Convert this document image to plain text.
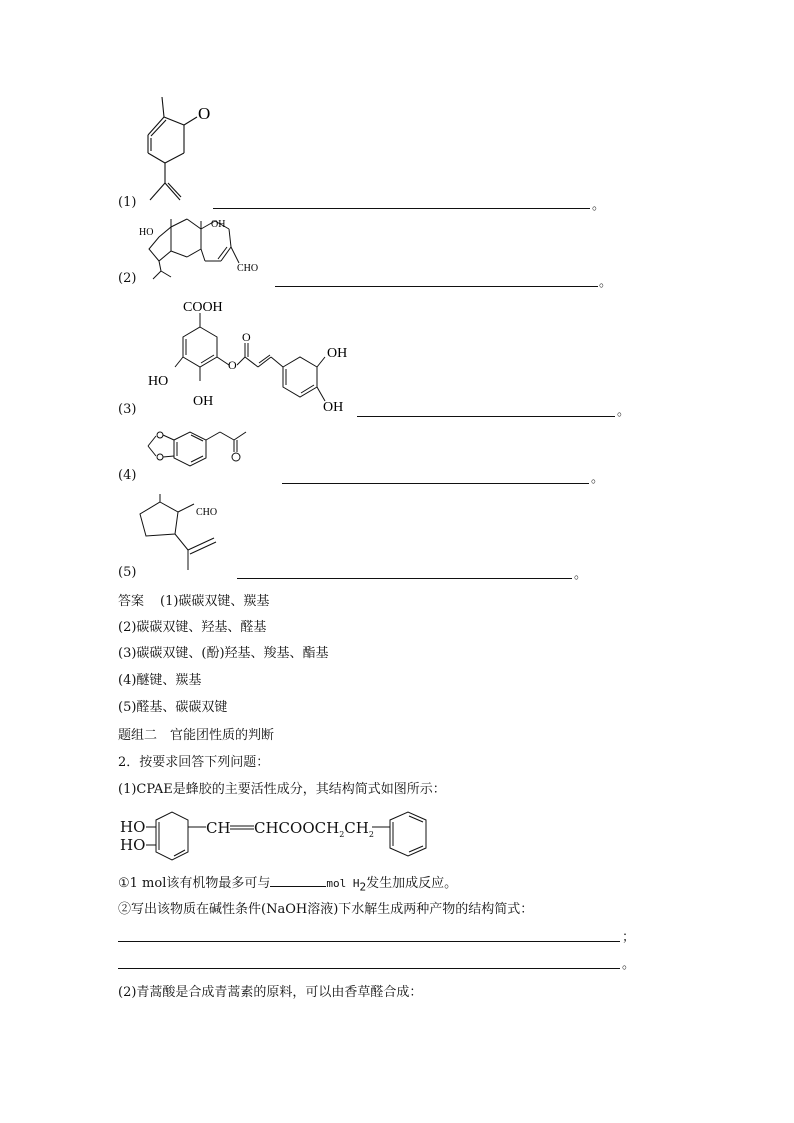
O
(1)	。
HO
OH
CHO
(2)	。
COOH
O
HO
OH
OH
OH
O
(3)	。
(4)	。
CHO
(5)	。
答案 (1)碳碳双键、羰基
(2)碳碳双键、羟基、醛基
(3)碳碳双键、(酚)羟基、羧基、酯基
(4)醚键、羰基
(5)醛基、碳碳双键
题组二　官能团性质的判断
2．按要求回答下列问题：
(1)CPAE是蜂胶的主要活性成分，其结构简式如图所示：
HO
HO
CH $CHCOOCH_2CH_2$
①1 mol该有机物最多可与	mol $H_2$发生加成反应。
②写出该物质在碱性条件(NaOH溶液)下水解生成两种产物的结构简式：
；
。
(2)青蒿酸是合成青蒿素的原料，可以由香草醛合成：
